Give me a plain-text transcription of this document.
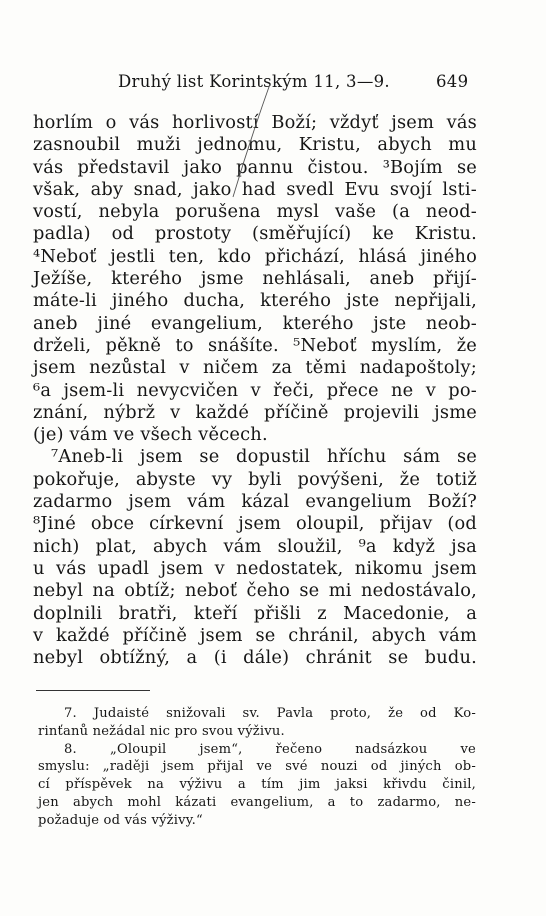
Druhý list Korintským 11, 3—9.	649
horlím o vás horlivostí Boží; vždyť jsem vás
zasnoubil muži jednomu, Kristu, abych mu
vás představil jako pannu čistou. ³Bojím se
však, aby snad, jako had svedl Evu svojí lsti-
vostí, nebyla porušena mysl vaše (a neod-
padla) od prostoty (směřující) ke Kristu.
⁴Neboť jestli ten, kdo přichází, hlásá jiného
Ježíše, kterého jsme nehlásali, aneb přijí-
máte-li jiného ducha, kterého jste nepřijali,
aneb jiné evangelium, kterého jste neob-
drželi, pěkně to snášíte. ⁵Neboť myslím, že
jsem nezůstal v ničem za těmi nadapoštoly;
⁶a jsem-li nevycvičen v řeči, přece ne v po-
znání, nýbrž v každé příčině projevili jsme
(je) vám ve všech věcech.
⁷Aneb-li jsem se dopustil hříchu sám se
pokořuje, abyste vy byli povýšeni, že totiž
zadarmo jsem vám kázal evangelium Boží?
⁸Jiné obce církevní jsem oloupil, přijav (od
nich) plat, abych vám sloužil, ⁹a když jsa
u vás upadl jsem v nedostatek, nikomu jsem
nebyl na obtíž; neboť čeho se mi nedostávalo,
doplnili bratři, kteří přišli z Macedonie, a
v každé příčině jsem se chránil, abych vám
nebyl obtížný, a (i dále) chránit se budu.
7. Judaisté snižovali sv. Pavla proto, že od Ko-
rinťanů nežádal nic pro svou výživu.
8. „Oloupil jsem“, řečeno nadsázkou ve
smyslu: „raději jsem přijal ve své nouzi od jiných ob-
cí příspěvek na výživu a tím jim jaksi křivdu činil,
jen abych mohl kázati evangelium, a to zadarmo, ne-
požaduje od vás výživy.“
